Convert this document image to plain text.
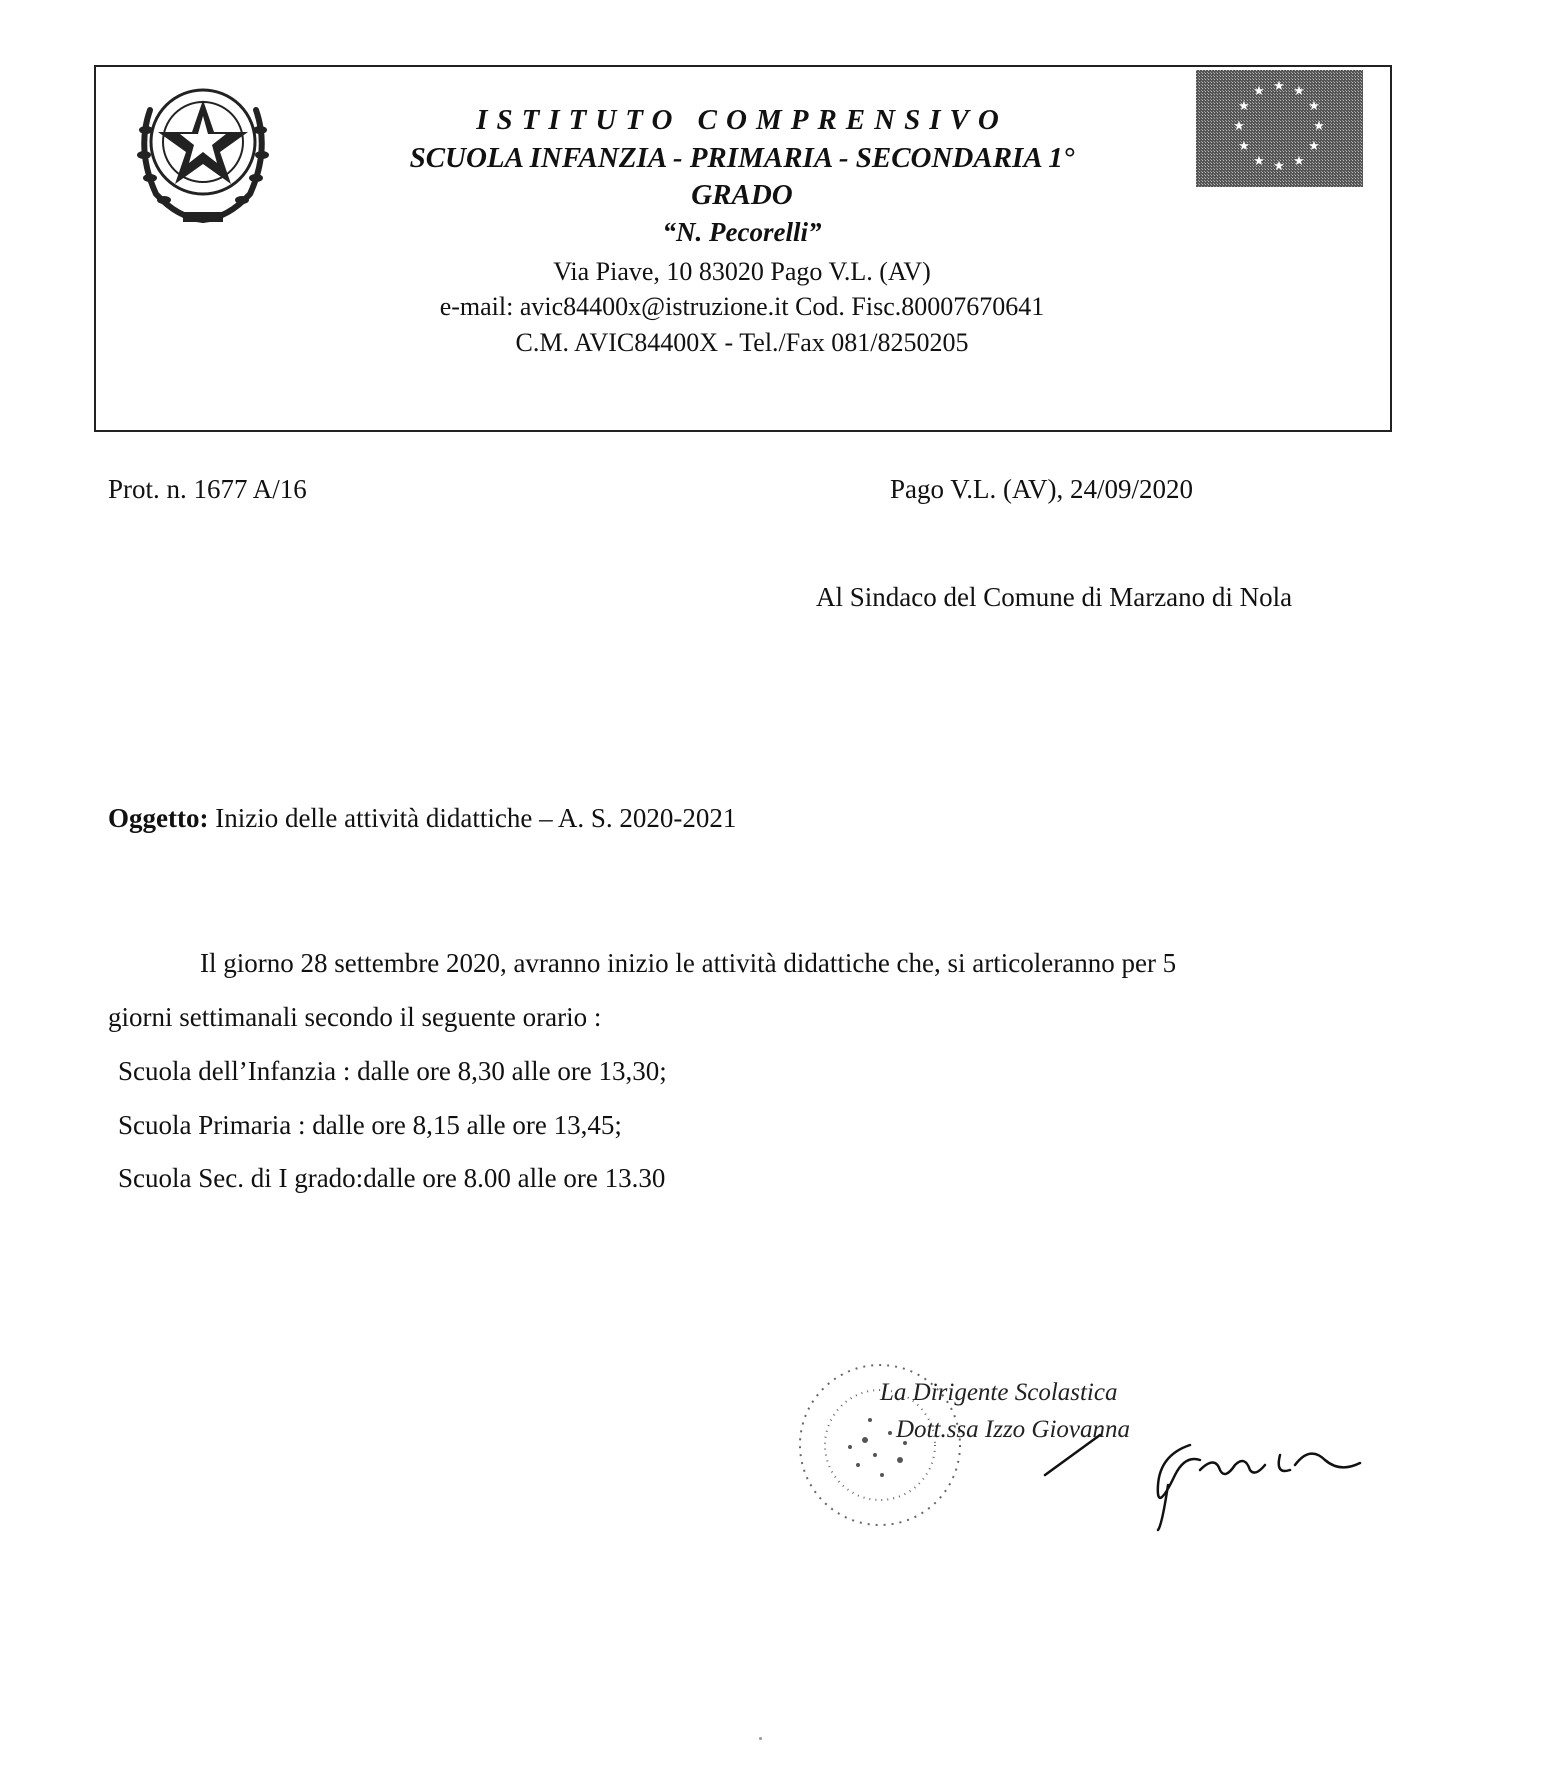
★ ★
★
★
★
★
★
★
★
★
★
★
ISTITUTO COMPRENSIVO
SCUOLA INFANZIA - PRIMARIA - SECONDARIA 1°
GRADO
“N. Pecorelli”
Via Piave, 10 83020 Pago V.L. (AV)
e-mail: avic84400x@istruzione.it Cod. Fisc.80007670641
C.M. AVIC84400X - Tel./Fax 081/8250205
Prot. n. 1677 A/16	Pago V.L. (AV), 24/09/2020
Al Sindaco del Comune di Marzano di Nola
Oggetto: Inizio delle attività didattiche – A. S. 2020-2021
Il giorno 28 settembre 2020, avranno inizio le attività didattiche che, si articoleranno per 5
giorni settimanali secondo il seguente orario :
Scuola dell’Infanzia : dalle ore 8,30 alle ore 13,30;
Scuola Primaria : dalle ore 8,15 alle ore 13,45;
Scuola Sec. di I grado:dalle ore 8.00 alle ore 13.30
La Dirigente Scolastica
Dott.ssa Izzo Giovanna
